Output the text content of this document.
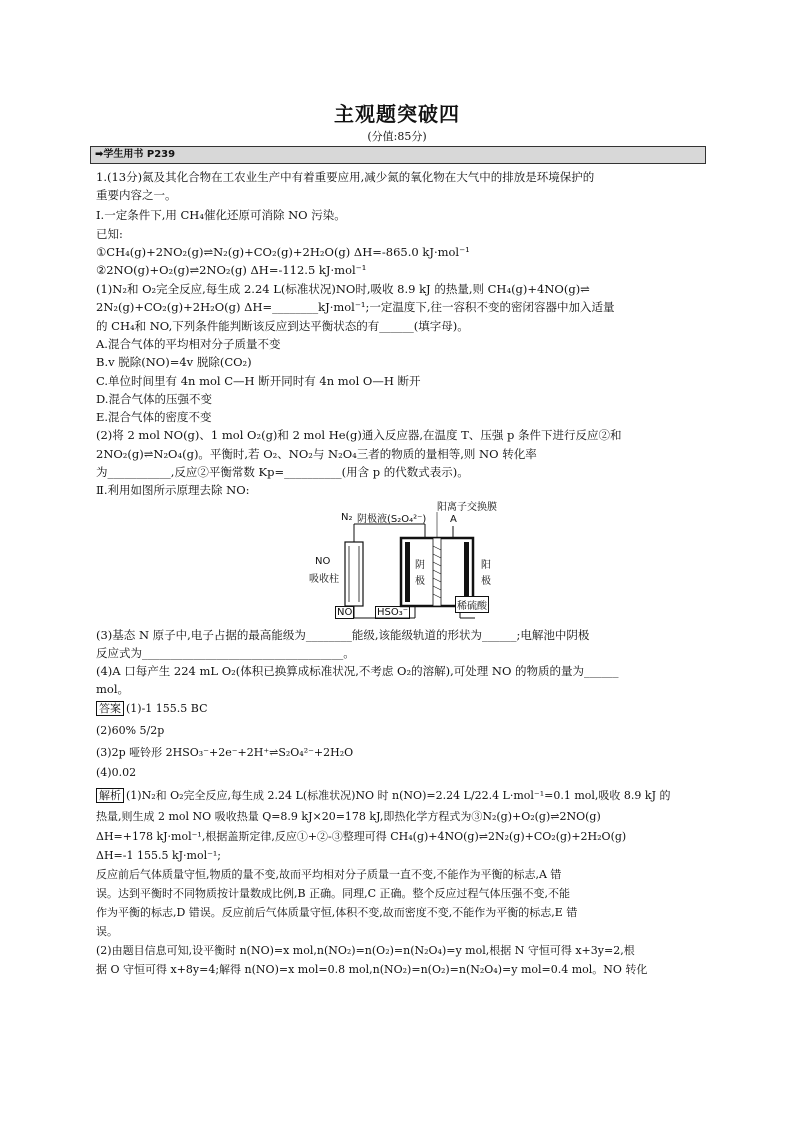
主观题突破四
(分值:85分)
➡学生用书 P239
1.(13分)氮及其化合物在工农业生产中有着重要应用,减少氮的氧化物在大气中的排放是环境保护的
重要内容之一。
Ⅰ.一定条件下,用 CH₄催化还原可消除 NO 污染。
已知:
①CH₄(g)+2NO₂(g)⇌N₂(g)+CO₂(g)+2H₂O(g) ΔH=-865.0 kJ·mol⁻¹
②2NO(g)+O₂(g)⇌2NO₂(g) ΔH=-112.5 kJ·mol⁻¹
(1)N₂和 O₂完全反应,每生成 2.24 L(标准状况)NO时,吸收 8.9 kJ 的热量,则 CH₄(g)+4NO(g)⇌
2N₂(g)+CO₂(g)+2H₂O(g) ΔH=________kJ·mol⁻¹;一定温度下,往一容积不变的密闭容器中加入适量
的 CH₄和 NO,下列条件能判断该反应到达平衡状态的有______(填字母)。
A.混合气体的平均相对分子质量不变
B.v 脱除(NO)=4v 脱除(CO₂)
C.单位时间里有 4n mol C—H 断开同时有 4n mol O—H 断开
D.混合气体的压强不变
E.混合气体的密度不变
(2)将 2 mol NO(g)、1 mol O₂(g)和 2 mol He(g)通入反应器,在温度 T、压强 p 条件下进行反应②和
2NO₂(g)⇌N₂O₄(g)。平衡时,若 O₂、NO₂与 N₂O₄三者的物质的量相等,则 NO 转化率
为___________,反应②平衡常数 Kp=__________(用含 p 的代数式表示)。
Ⅱ.利用如图所示原理去除 NO:
阳离子交换膜
阴极液(S₂O₄²⁻)
N₂	A
NO
吸收柱
阴
极
阳
极
NO HSO₃⁻
稀硫酸
(3)基态 N 原子中,电子占据的最高能级为________能级,该能级轨道的形状为______;电解池中阴极
反应式为___________________________________。
(4)A 口每产生 224 mL O₂(体积已换算成标准状况,不考虑 O₂的溶解),可处理 NO 的物质的量为______
mol。
答案 (1)-1 155.5 BC
(2)60% 5/2p
(3)2p 哑铃形 2HSO₃⁻+2e⁻+2H⁺⇌S₂O₄²⁻+2H₂O
(4)0.02
解析 (1)N₂和 O₂完全反应,每生成 2.24 L(标准状况)NO 时 n(NO)=2.24 L/22.4 L·mol⁻¹=0.1 mol,吸收 8.9 kJ 的
热量,则生成 2 mol NO 吸收热量 Q=8.9 kJ×20=178 kJ,即热化学方程式为③N₂(g)+O₂(g)⇌2NO(g)
ΔH=+178 kJ·mol⁻¹,根据盖斯定律,反应①+②-③整理可得 CH₄(g)+4NO(g)⇌2N₂(g)+CO₂(g)+2H₂O(g)
ΔH=-1 155.5 kJ·mol⁻¹;
反应前后气体质量守恒,物质的量不变,故而平均相对分子质量一直不变,不能作为平衡的标志,A 错
误。达到平衡时不同物质按计量数成比例,B 正确。同理,C 正确。整个反应过程气体压强不变,不能
作为平衡的标志,D 错误。反应前后气体质量守恒,体积不变,故而密度不变,不能作为平衡的标志,E 错
误。
(2)由题目信息可知,设平衡时 n(NO)=x mol,n(NO₂)=n(O₂)=n(N₂O₄)=y mol,根据 N 守恒可得 x+3y=2,根
据 O 守恒可得 x+8y=4;解得 n(NO)=x mol=0.8 mol,n(NO₂)=n(O₂)=n(N₂O₄)=y mol=0.4 mol。NO 转化
